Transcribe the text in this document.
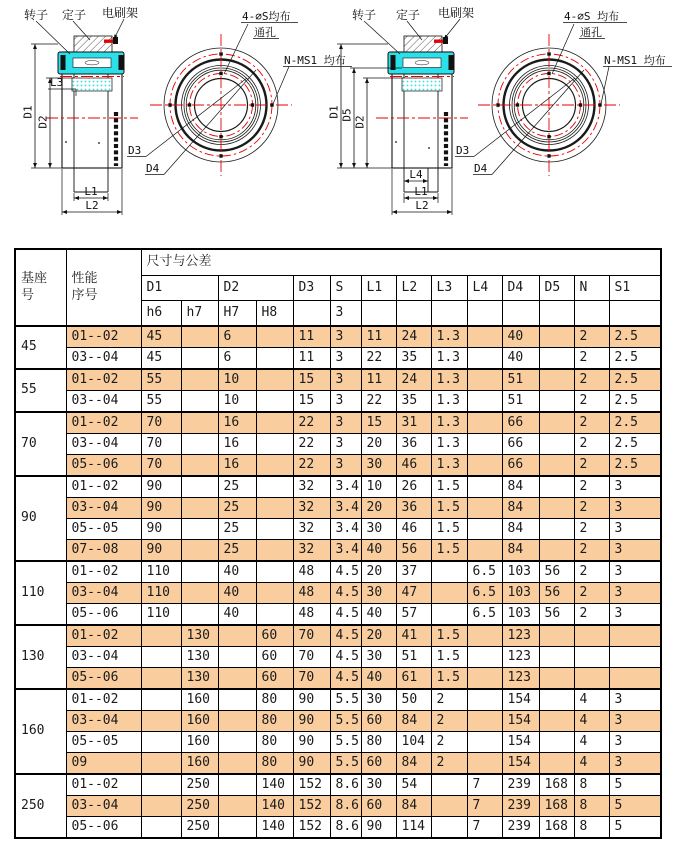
转子 定子 电刷架
D1
D2
L3
L1
L2
4-∅S均布
通孔
N-MS1 均布
D3
D4
转子 定子 电刷架
D1 D5
D2
L4
L1
L2
4-∅S 均布
通孔
N-MS1 均布
D3
D4
基座号	性能序号	尺寸与公差													
		D1		D2		D3	S	L1	L2	L3	L4	D4	D5	N	S1
		h6	h7	H7	H8		3								
45	01--02	45		6		11	3	11	24	1.3		40		2	2.5
	03--04	45		6		11	3	22	35	1.3		40		2	2.5
55	01--02	55		10		15	3	11	24	1.3		51		2	2.5
	03--04	55		10		15	3	22	35	1.3		51		2	2.5
70	01--02	70		16		22	3	15	31	1.3		66		2	2.5
	03--04	70		16		22	3	20	36	1.3		66		2	2.5
	05--06	70		16		22	3	30	46	1.3		66		2	2.5
90	01--02	90		25		32	3.4	10	26	1.5		84		2	3
	03--04	90		25		32	3.4	20	36	1.5		84		2	3
	05--05	90		25		32	3.4	30	46	1.5		84		2	3
	07--08	90		25		32	3.4	40	56	1.5		84		2	3
110	01--02	110		40		48	4.5	20	37		6.5	103	56	2	3
	03--04	110		40		48	4.5	30	47		6.5	103	56	2	3
	05--06	110		40		48	4.5	40	57		6.5	103	56	2	3
130	01--02		130		60	70	4.5	20	41	1.5		123			
	03--04		130		60	70	4.5	30	51	1.5		123			
	05--06		130		60	70	4.5	40	61	1.5		123			
160	01--02		160		80	90	5.5	30	50	2		154		4	3
	03--04		160		80	90	5.5	60	84	2		154		4	3
	05--05		160		80	90	5.5	80	104	2		154		4	3
	09		160		80	90	5.5	60	84	2		154		4	3
250	01--02		250		140	152	8.6	30	54		7	239	168	8	5
	03--04		250		140	152	8.6	60	84		7	239	168	8	5
	05--06		250		140	152	8.6	90	114		7	239	168	8	5
